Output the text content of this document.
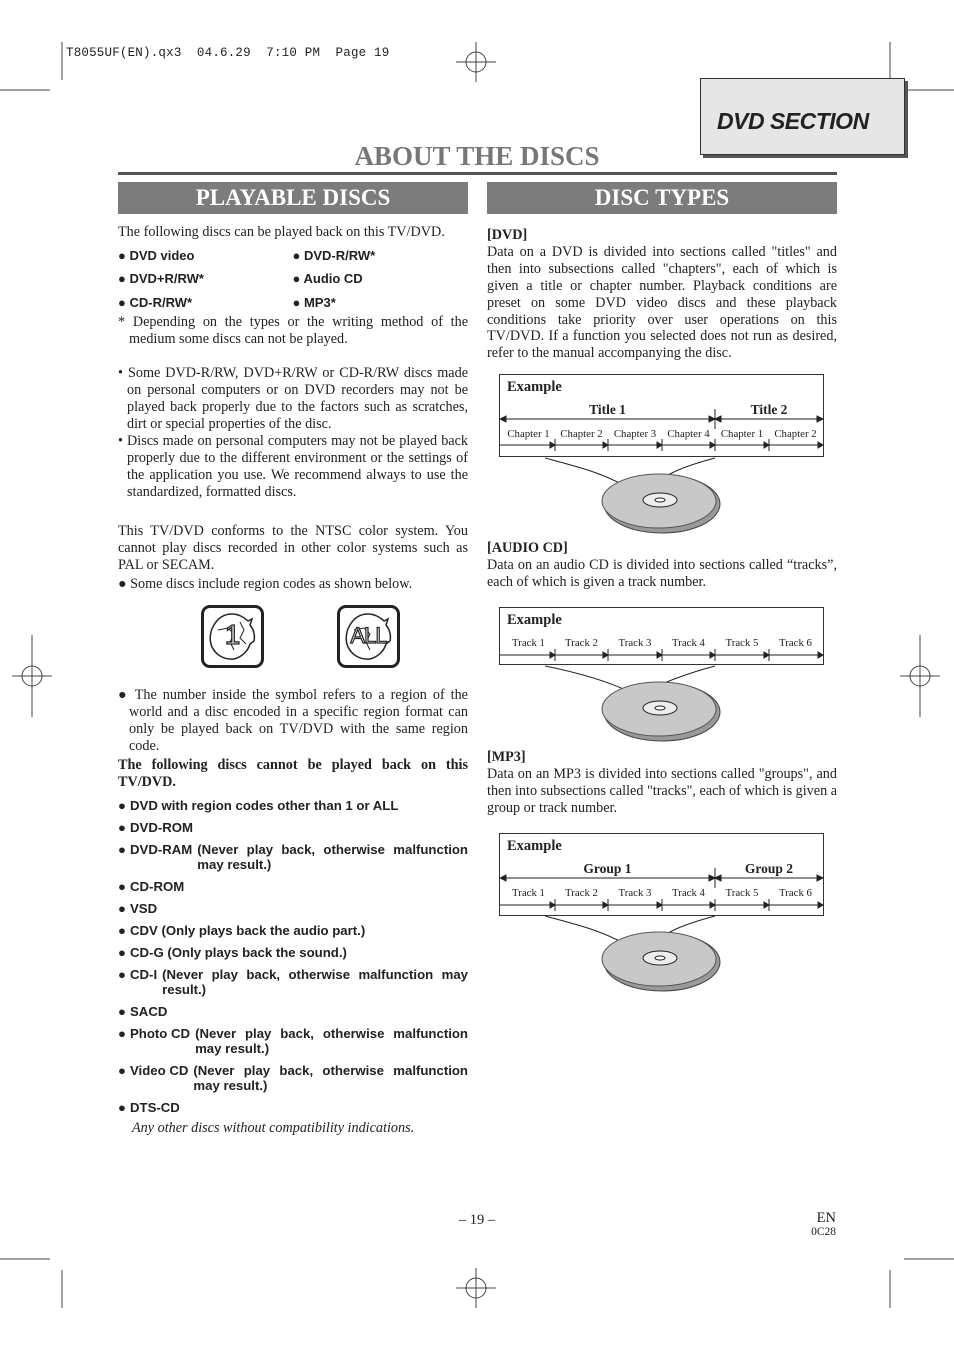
T8055UF(EN).qx3  04.6.29  7:10 PM  Page 19
DVD SECTION
ABOUT THE DISCS
PLAYABLE DISCS
The following discs can be played back on this TV/DVD.
● DVD video	● DVD-R/RW*
● DVD+R/RW*	● Audio CD
● CD-R/RW*	● MP3*
* Depending on the types or the writing method of the medium some discs can not be played.
• Some DVD-R/RW, DVD+R/RW or CD-R/RW discs made on personal computers or on DVD recorders may not be played back properly due to the factors such as scratches, dirt or special properties of the disc.
• Discs made on personal computers may not be played back properly due to the different environment or the settings of the application you use. We recommend always to use the standardized, formatted discs.
This TV/DVD conforms to the NTSC color system. You cannot play discs recorded in other color systems such as PAL or SECAM.
● Some discs include region codes as shown below.
1	ALL
● The number inside the symbol refers to a region of the world and a disc encoded in a specific region format can only be played back on TV/DVD with the same region code.
The following discs cannot be played back on this TV/DVD.
● DVD with region codes other than 1 or ALL
● DVD-ROM
● DVD-RAM (Never play back, otherwise malfunction may result.)
● CD-ROM
● VSD
● CDV (Only plays back the audio part.)
● CD-G (Only plays back the sound.)
● CD-I (Never play back, otherwise malfunction may result.)
● SACD
● Photo CD (Never play back, otherwise malfunction may result.)
● Video CD (Never play back, otherwise malfunction may result.)
● DTS-CD
Any other discs without compatibility indications.
DISC TYPES
[DVD]
Data on a DVD is divided into sections called "titles" and then into subsections called "chapters", each of which is given a title or chapter number. Playback conditions are preset on some DVD video discs and these playback conditions take priority over user operations on this TV/DVD. If a function you selected does not run as desired, refer to the manual accompanying the disc.
Example
Title 1	Title 2
Chapter 1 Chapter 2	Chapter 3	Chapter 4	Chapter 1	Chapter 2
[AUDIO CD]
Data on an audio CD is divided into sections called “tracks”, each of which is given a track number.
Example
Track 1	Track 2	Track 3	Track 4	Track 5	Track 6
[MP3]
Data on an MP3 is divided into sections called "groups", and then into subsections called "tracks", each of which is given a group or track number.
Example
Group 1	Group 2
Track 1	Track 2	Track 3	Track 4	Track 5	Track 6
– 19 –	EN
0C28
